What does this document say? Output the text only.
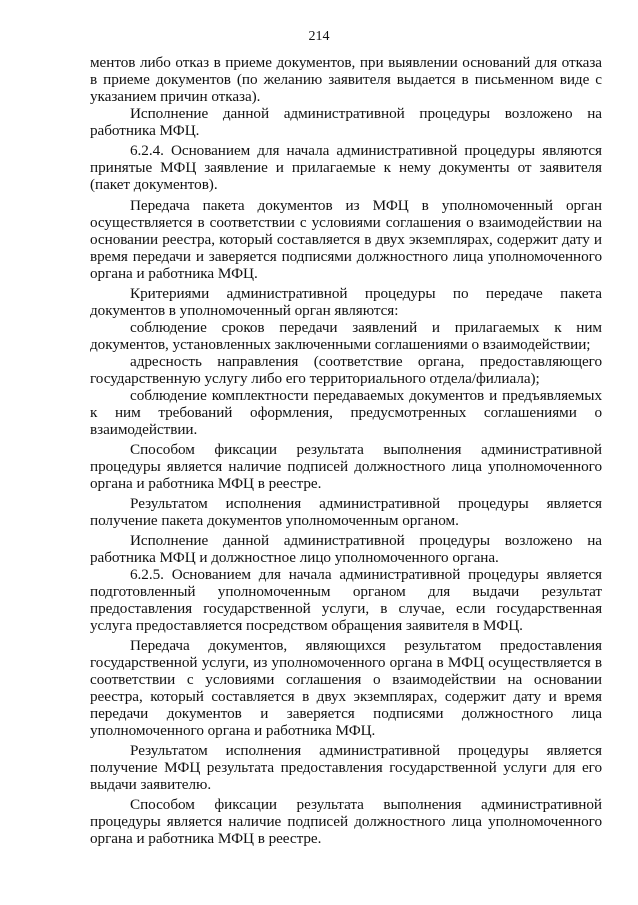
214

ментов либо отказ в приеме документов, при выявлении оснований для отказа в приеме документов (по желанию заявителя выдается в письменном виде с указанием причин отказа).

Исполнение данной административной процедуры возложено на работника МФЦ.

6.2.4. Основанием для начала административной процедуры являются принятые МФЦ заявление и прилагаемые к нему документы от заявителя (пакет документов).

Передача пакета документов из МФЦ в уполномоченный орган осуществляется в соответствии с условиями соглашения о взаимодействии на основании реестра, который составляется в двух экземплярах, содержит дату и время передачи и заверяется подписями должностного лица уполномоченного органа и работника МФЦ.

Критериями административной процедуры по передаче пакета документов в уполномоченный орган являются:

соблюдение сроков передачи заявлений и прилагаемых к ним документов, установленных заключенными соглашениями о взаимодействии;

адресность направления (соответствие органа, предоставляющего государственную услугу либо его территориального отдела/филиала);

соблюдение комплектности передаваемых документов и предъявляемых к ним требований оформления, предусмотренных соглашениями о взаимодействии.

Способом фиксации результата выполнения административной процедуры является наличие подписей должностного лица уполномоченного органа и работника МФЦ в реестре.

Результатом исполнения административной процедуры является получение пакета документов уполномоченным органом.

Исполнение данной административной процедуры возложено на работника МФЦ и должностное лицо уполномоченного органа.

6.2.5. Основанием для начала административной процедуры является подготовленный уполномоченным органом для выдачи результат предоставления государственной услуги, в случае, если государственная услуга предоставляется посредством обращения заявителя в МФЦ.

Передача документов, являющихся результатом предоставления государственной услуги, из уполномоченного органа в МФЦ осуществляется в соответствии с условиями соглашения о взаимодействии на основании реестра, который составляется в двух экземплярах, содержит дату и время передачи документов и заверяется подписями должностного лица уполномоченного органа и работника МФЦ.

Результатом исполнения административной процедуры является получение МФЦ результата предоставления государственной услуги для его выдачи заявителю.

Способом фиксации результата выполнения административной процедуры является наличие подписей должностного лица уполномоченного органа и работника МФЦ в реестре.
